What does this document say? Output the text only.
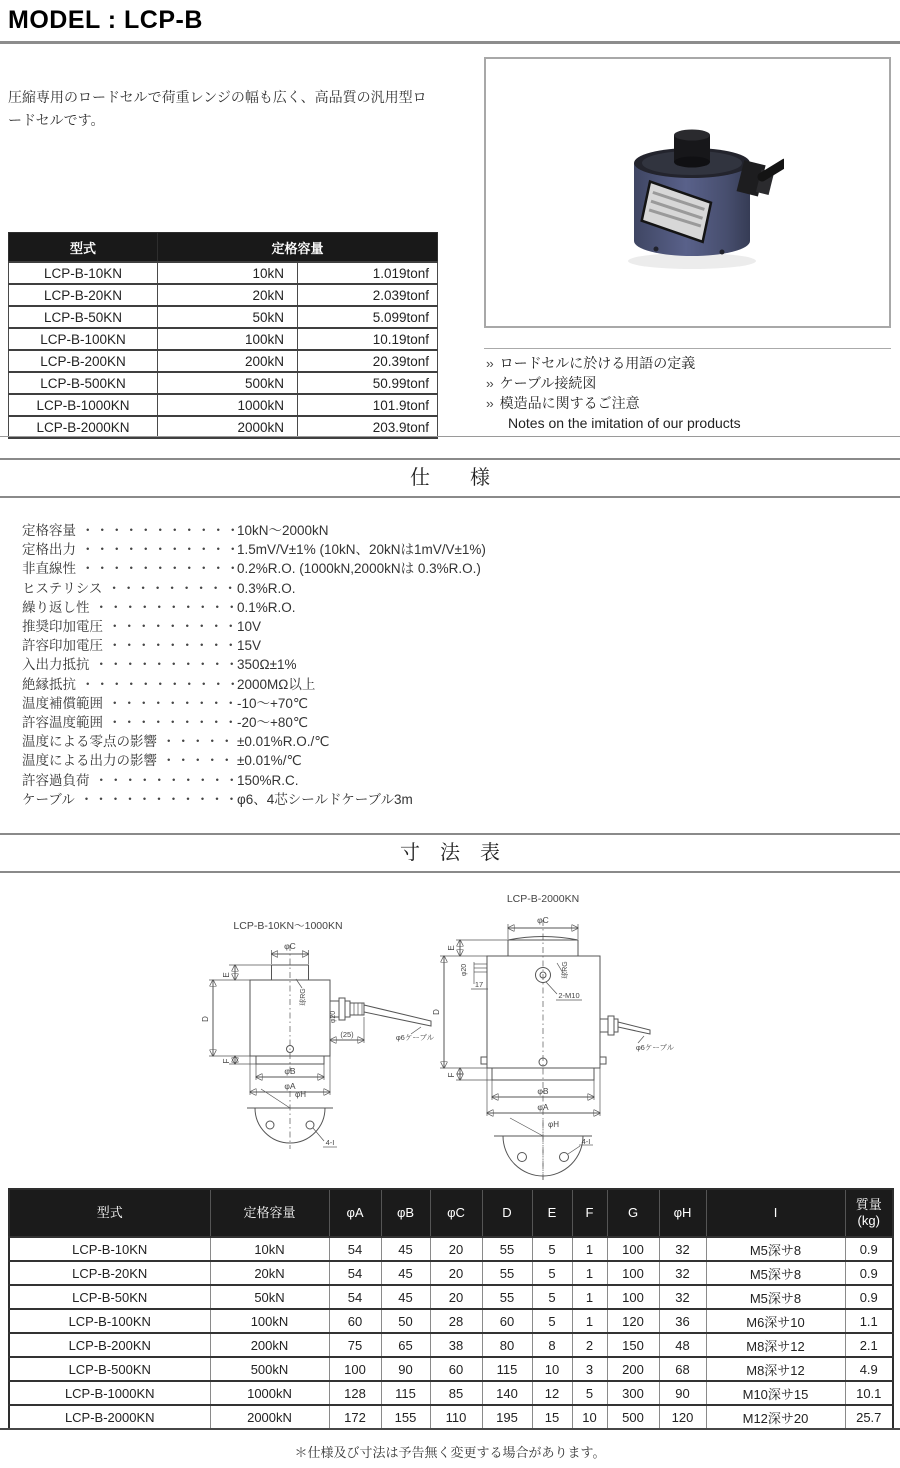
MODEL : LCP-B
圧縮専用のロードセルで荷重レンジの幅も広く、高品質の汎用型ロードセルです。
型式	定格容量	
LCP-B-10KN	10kN	1.019tonf
LCP-B-20KN	20kN	2.039tonf
LCP-B-50KN	50kN	5.099tonf
LCP-B-100KN	100kN	10.19tonf
LCP-B-200KN	200kN	20.39tonf
LCP-B-500KN	500kN	50.99tonf
LCP-B-1000KN	1000kN	101.9tonf
LCP-B-2000KN	2000kN	203.9tonf
›› ロードセルに於ける用語の定義
›› ケーブル接続図
›› 模造品に関するご注意
Notes on the imitation of our products
仕　　様
定格容量 ・・・・・・・・・・・
10kN～2000kN
定格出力 ・・・・・・・・・・・
1.5mV/V±1% (10kN、20kNは1mV/V±1%)
非直線性 ・・・・・・・・・・・
0.2%R.O. (1000kN,2000kNは 0.3%R.O.)
ヒステリシス ・・・・・・・・・ 0.3%R.O.
繰り返し性 ・・・・・・・・・・
0.1%R.O.
推奨印加電圧 ・・・・・・・・・
10V
許容印加電圧 ・・・・・・・・・
15V
入出力抵抗 ・・・・・・・・・・
350Ω±1%
絶縁抵抗 ・・・・・・・・・・・
2000MΩ以上
温度補償範囲 ・・・・・・・・・
-10～+70℃
許容温度範囲 ・・・・・・・・・
-20～+80℃
温度による零点の影響 ・・・・・ ±0.01%R.O./℃
温度による出力の影響 ・・・・・ ±0.01%/℃
許容過負荷 ・・・・・・・・・・
150%R.C.
ケーブル ・・・・・・・・・・・
φ6、4芯シールドケーブル3m
寸　法　表
LCP-B-10KN～1000KN
φC
E
D
F
φB
φA
球RG
φ20
(25)	φ6ケーブル
φH
4-I
LCP-B-2000KN
φC
E
D
φ20
17
球RG
2-M10
F
φB
φA
φ6ケーブル
φH
4-I
型式	定格容量	φA	φB	φC	D	E	F	G	φH	I	質量
(kg)
LCP-B-10KN	10kN	54	45	20	55	5	1	100	32	M5深サ8	0.9
LCP-B-20KN	20kN	54	45	20	55	5	1	100	32	M5深サ8	0.9
LCP-B-50KN	50kN	54	45	20	55	5	1	100	32	M5深サ8	0.9
LCP-B-100KN	100kN	60	50	28	60	5	1	120	36	M6深サ10	1.1
LCP-B-200KN	200kN	75	65	38	80	8	2	150	48	M8深サ12	2.1
LCP-B-500KN	500kN	100	90	60	115	10	3	200	68	M8深サ12	4.9
LCP-B-1000KN	1000kN	128	115	85	140	12	5	300	90	M10深サ15	10.1
LCP-B-2000KN	2000kN	172	155	110	195	15	10	500	120	M12深サ20	25.7
＊仕様及び寸法は予告無く変更する場合があります。
